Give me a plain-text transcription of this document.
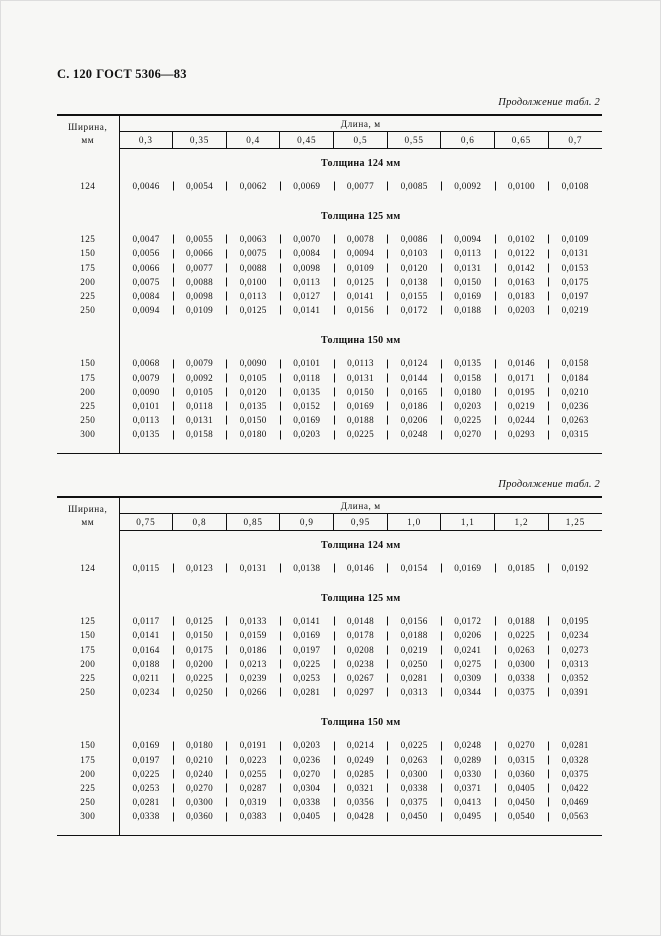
С. 120 ГОСТ 5306—83
Продолжение табл. 2
Ширина,
мм	Длина, м								
	0,3	0,35	0,4	0,45	0,5	0,55	0,6	0,65	0,7
	Толщина 124 мм								
124	0,0046	0,0054	0,0062	0,0069	0,0077	0,0085	0,0092	0,0100	0,0108

	Толщина 125 мм								
125	0,0047	0,0055	0,0063	0,0070	0,0078	0,0086	0,0094	0,0102	0,0109
150	0,0056	0,0066	0,0075	0,0084	0,0094	0,0103	0,0113	0,0122	0,0131
175	0,0066	0,0077	0,0088	0,0098	0,0109	0,0120	0,0131	0,0142	0,0153
200	0,0075	0,0088	0,0100	0,0113	0,0125	0,0138	0,0150	0,0163	0,0175
225	0,0084	0,0098	0,0113	0,0127	0,0141	0,0155	0,0169	0,0183	0,0197
250	0,0094	0,0109	0,0125	0,0141	0,0156	0,0172	0,0188	0,0203	0,0219

	Толщина 150 мм								
150	0,0068	0,0079	0,0090	0,0101	0,0113	0,0124	0,0135	0,0146	0,0158
175	0,0079	0,0092	0,0105	0,0118	0,0131	0,0144	0,0158	0,0171	0,0184
200	0,0090	0,0105	0,0120	0,0135	0,0150	0,0165	0,0180	0,0195	0,0210
225	0,0101	0,0118	0,0135	0,0152	0,0169	0,0186	0,0203	0,0219	0,0236
250	0,0113	0,0131	0,0150	0,0169	0,0188	0,0206	0,0225	0,0244	0,0263
300	0,0135	0,0158	0,0180	0,0203	0,0225	0,0248	0,0270	0,0293	0,0315

Продолжение табл. 2
Ширина,
мм	Длина, м								
	0,75	0,8	0,85	0,9	0,95	1,0	1,1	1,2	1,25
	Толщина 124 мм								
124	0,0115	0,0123	0,0131	0,0138	0,0146	0,0154	0,0169	0,0185	0,0192

	Толщина 125 мм								
125	0,0117	0,0125	0,0133	0,0141	0,0148	0,0156	0,0172	0,0188	0,0195
150	0,0141	0,0150	0,0159	0,0169	0,0178	0,0188	0,0206	0,0225	0,0234
175	0,0164	0,0175	0,0186	0,0197	0,0208	0,0219	0,0241	0,0263	0,0273
200	0,0188	0,0200	0,0213	0,0225	0,0238	0,0250	0,0275	0,0300	0,0313
225	0,0211	0,0225	0,0239	0,0253	0,0267	0,0281	0,0309	0,0338	0,0352
250	0,0234	0,0250	0,0266	0,0281	0,0297	0,0313	0,0344	0,0375	0,0391

	Толщина 150 мм								
150	0,0169	0,0180	0,0191	0,0203	0,0214	0,0225	0,0248	0,0270	0,0281
175	0,0197	0,0210	0,0223	0,0236	0,0249	0,0263	0,0289	0,0315	0,0328
200	0,0225	0,0240	0,0255	0,0270	0,0285	0,0300	0,0330	0,0360	0,0375
225	0,0253	0,0270	0,0287	0,0304	0,0321	0,0338	0,0371	0,0405	0,0422
250	0,0281	0,0300	0,0319	0,0338	0,0356	0,0375	0,0413	0,0450	0,0469
300	0,0338	0,0360	0,0383	0,0405	0,0428	0,0450	0,0495	0,0540	0,0563
